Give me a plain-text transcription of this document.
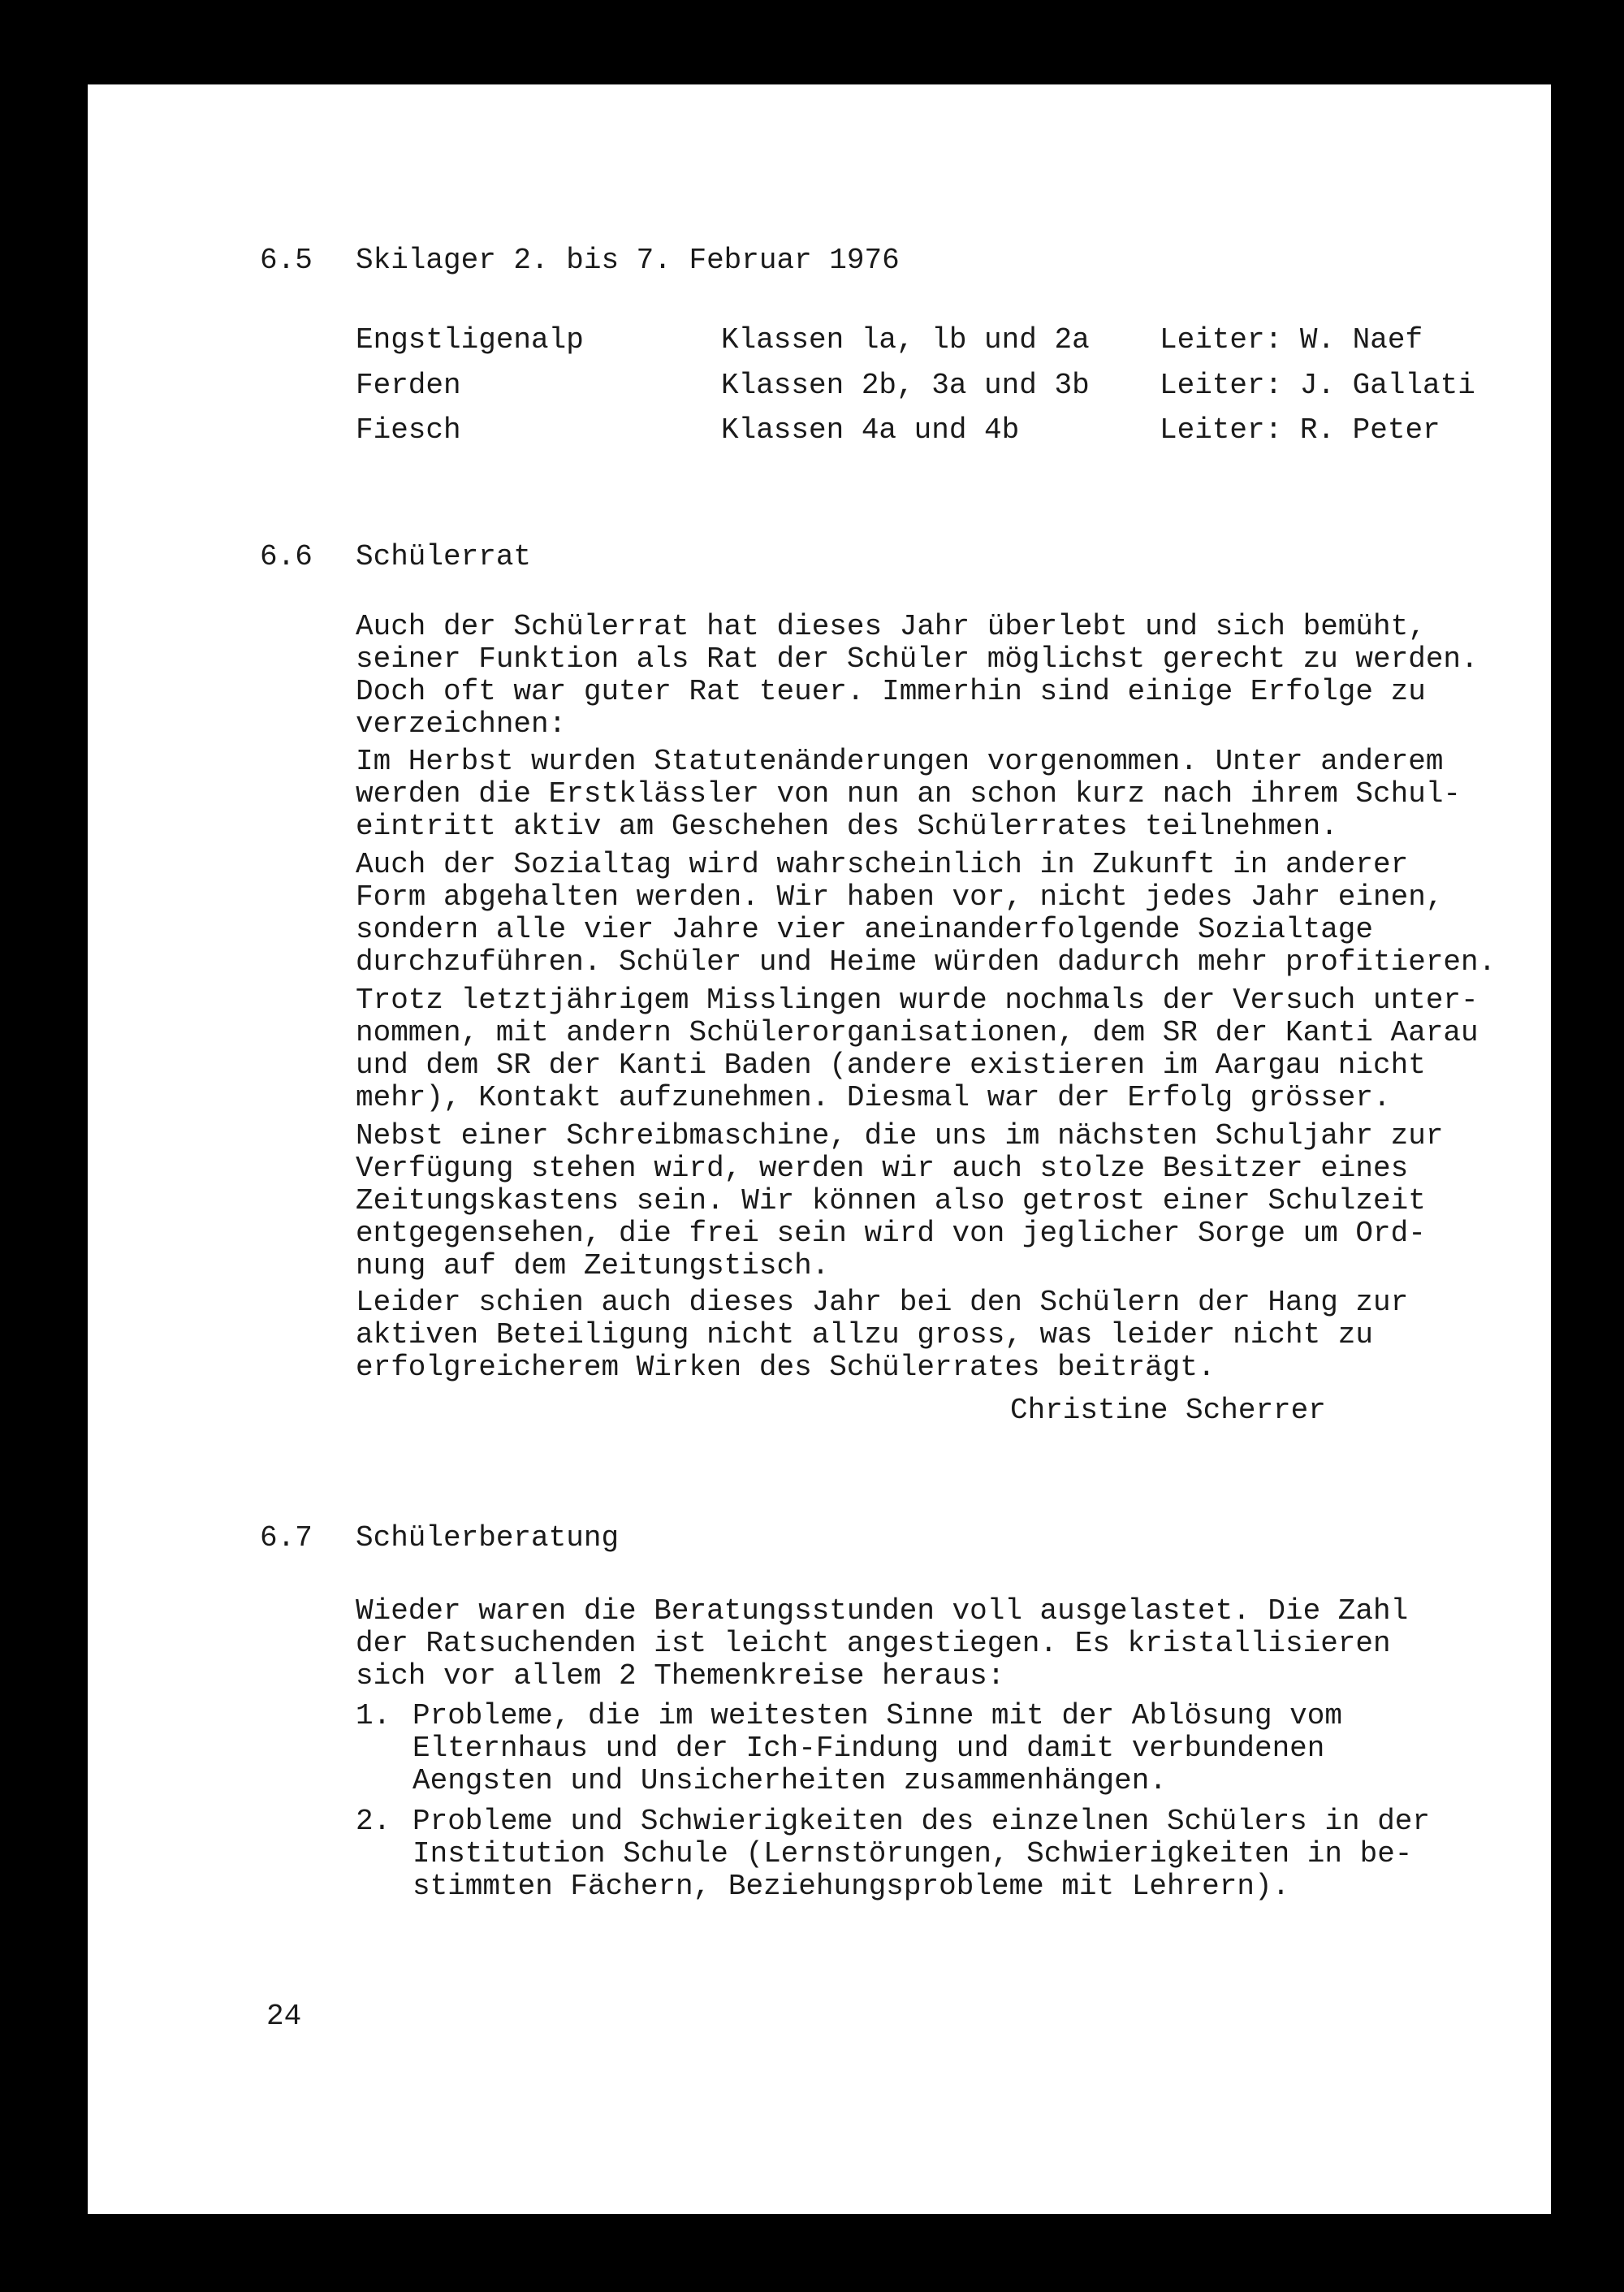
6.5 Skilager 2. bis 7. Februar 1976
Engstligenalp	Klassen la, lb und 2a Leiter: W. Naef
Ferden	Klassen 2b, 3a und 3b Leiter: J. Gallati
Fiesch	Klassen 4a und 4b	Leiter: R. Peter
6.6 Schülerrat
Auch der Schülerrat hat dieses Jahr überlebt und sich bemüht,
seiner Funktion als Rat der Schüler möglichst gerecht zu werden.
Doch oft war guter Rat teuer. Immerhin sind einige Erfolge zu
verzeichnen:
Im Herbst wurden Statutenänderungen vorgenommen. Unter anderem
werden die Erstklässler von nun an schon kurz nach ihrem Schul-
eintritt aktiv am Geschehen des Schülerrates teilnehmen.
Auch der Sozialtag wird wahrscheinlich in Zukunft in anderer
Form abgehalten werden. Wir haben vor, nicht jedes Jahr einen,
sondern alle vier Jahre vier aneinanderfolgende Sozialtage
durchzuführen. Schüler und Heime würden dadurch mehr profitieren.
Trotz letztjährigem Misslingen wurde nochmals der Versuch unter-
nommen, mit andern Schülerorganisationen, dem SR der Kanti Aarau
und dem SR der Kanti Baden (andere existieren im Aargau nicht
mehr), Kontakt aufzunehmen. Diesmal war der Erfolg grösser.
Nebst einer Schreibmaschine, die uns im nächsten Schuljahr zur
Verfügung stehen wird, werden wir auch stolze Besitzer eines
Zeitungskastens sein. Wir können also getrost einer Schulzeit
entgegensehen, die frei sein wird von jeglicher Sorge um Ord-
nung auf dem Zeitungstisch.
Leider schien auch dieses Jahr bei den Schülern der Hang zur
aktiven Beteiligung nicht allzu gross, was leider nicht zu
erfolgreicherem Wirken des Schülerrates beiträgt.
Christine Scherrer
6.7 Schülerberatung
Wieder waren die Beratungsstunden voll ausgelastet. Die Zahl
der Ratsuchenden ist leicht angestiegen. Es kristallisieren
sich vor allem 2 Themenkreise heraus:
1. Probleme, die im weitesten Sinne mit der Ablösung vom
Elternhaus und der Ich-Findung und damit verbundenen
Aengsten und Unsicherheiten zusammenhängen.
2. Probleme und Schwierigkeiten des einzelnen Schülers in der
Institution Schule (Lernstörungen, Schwierigkeiten in be-
stimmten Fächern, Beziehungsprobleme mit Lehrern).
24
